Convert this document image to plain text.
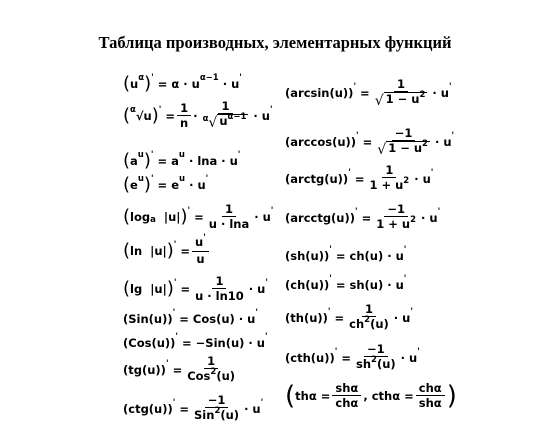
Таблица производных, элементарных функций
( u α ) ' = α · u α−1 · u '
( α √u ) ' = $\frac{1}{n} \cdot \frac{1}{^\alpha √ u^{\alpha-1}} \cdot u$ '
( a u ) ' = a u · lna · u '
( e u ) ' = e u · u '
( log a |u| ) ' = $\frac{1}{u \cdot \ln a} \cdot u$ '
( ln  |u| ) ' = $\frac{u'}{u}$
( lg  |u| ) ' = $\frac{1}{u \cdot \ln 10} \cdot u$ '
(Sin(u)) ' = Cos(u) · u '
(Cos(u)) ' = −Sin(u) · u '
(tg(u)) ' = $\frac{1}{Cos^2(u)}$
(ctg(u)) ' = $\frac{-1}{Sin^2(u)} \cdot u$ '
(arcsin(u)) ' = $\frac{1}{√ 1 - u^2} \cdot u$ '
(arccos(u)) ' = $\frac{-1}{√ 1 - u^2} \cdot u$ '
(arctg(u)) ' = $\frac{1}{1 + u^2} \cdot u$ '
(arcctg(u)) ' = $\frac{-1}{1 + u^2} \cdot u$ '
(sh(u)) ' = ch(u) · u '
(ch(u)) ' = sh(u) · u '
(th(u)) ' = $\frac{1}{ch^2(u)} \cdot u$ '
(cth(u)) ' = $\frac{-1}{sh^2(u)} \cdot u$ '
( $th\alpha = \frac{\text{shα}}{\text{chα}}$ , $cth\alpha = \frac{\text{chα}}{\text{shα}}$ )
